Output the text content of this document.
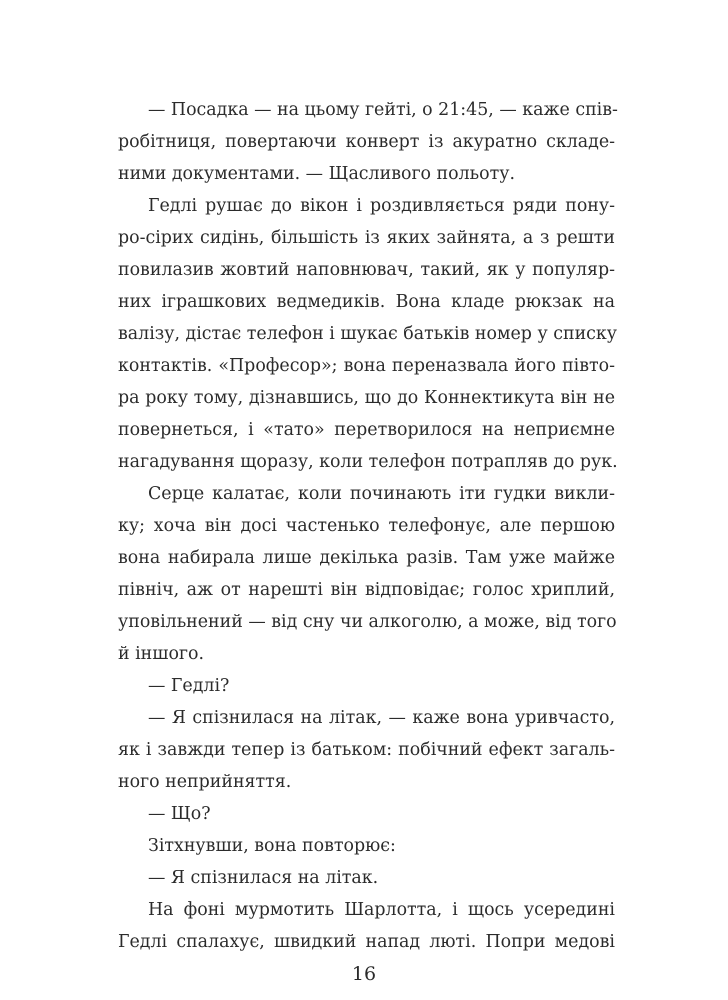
— Посадка — на цьому гейті, о 21:45, — каже спів-
робітниця, повертаючи конверт із акуратно складе-
ними документами. — Щасливого польоту.
Гедлі рушає до вікон і роздивляється ряди пону-
ро-сірих сидінь, більшість із яких зайнята, а з решти
повилазив жовтий наповнювач, такий, як у популяр-
них іграшкових ведмедиків. Вона кладе рюкзак на
валізу, дістає телефон і шукає батьків номер у списку
контактів. «Професор»; вона переназвала його півто-
ра року тому, дізнавшись, що до Коннектикута він не
повернеться, і «тато» перетворилося на неприємне
нагадування щоразу, коли телефон потрапляв до рук.
Серце калатає, коли починають іти гудки викли-
ку; хоча він досі частенько телефонує, але першою
вона набирала лише декілька разів. Там уже майже
північ, аж от нарешті він відповідає; голос хриплий,
уповільнений — від сну чи алкоголю, а може, від того
й іншого.
— Гедлі?
— Я спізнилася на літак, — каже вона уривчасто,
як і завжди тепер із батьком: побічний ефект загаль-
ного неприйняття.
— Що?
Зітхнувши, вона повторює:
— Я спізнилася на літак.
На фоні мурмотить Шарлотта, і щось усередині
Гедлі спалахує, швидкий напад люті. Попри медові
16
